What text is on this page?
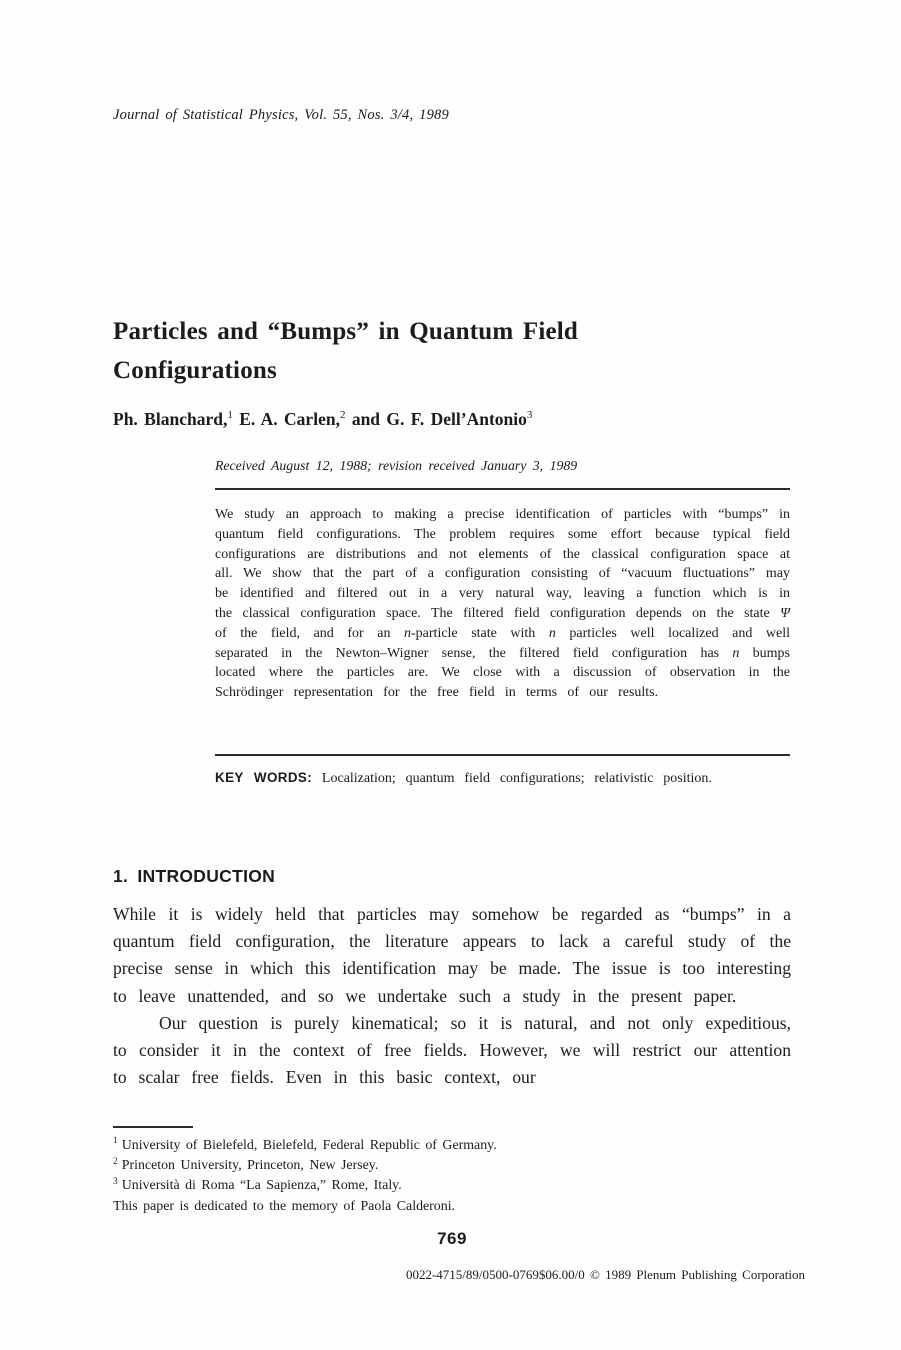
Journal of Statistical Physics, Vol. 55, Nos. 3/4, 1989
Particles and “Bumps” in Quantum Field Configurations
Ph. Blanchard,$^1$ E. A. Carlen,$^2$ and G. F. Dell’Antonio$^3$
Received August 12, 1988; revision received January 3, 1989
We study an approach to making a precise identification of particles with “bumps” in quantum field configurations. The problem requires some effort because typical field configurations are distributions and not elements of the classical configuration space at all. We show that the part of a configuration consisting of “vacuum fluctuations” may be identified and filtered out in a very natural way, leaving a function which is in the classical configuration space. The filtered field configuration depends on the state Ψ of the field, and for an n-particle state with n particles well localized and well separated in the Newton–Wigner sense, the filtered field configuration has n bumps located where the particles are. We close with a discussion of observation in the Schrödinger representation for the free field in terms of our results.
KEY WORDS: Localization; quantum field configurations; relativistic position.
1. INTRODUCTION

While it is widely held that particles may somehow be regarded as “bumps” in a quantum field configuration, the literature appears to lack a careful study of the precise sense in which this identification may be made. The issue is too interesting to leave unattended, and so we undertake such a study in the present paper.

Our question is purely kinematical; so it is natural, and not only expeditious, to consider it in the context of free fields. However, we will restrict our attention to scalar free fields. Even in this basic context, our

$^1$ University of Bielefeld, Bielefeld, Federal Republic of Germany.
$^2$ Princeton University, Princeton, New Jersey.
$^3$ Università di Roma “La Sapienza,” Rome, Italy.
This paper is dedicated to the memory of Paola Calderoni.
769
0022-4715/89/0500-0769$06.00/0 © 1989 Plenum Publishing Corporation
